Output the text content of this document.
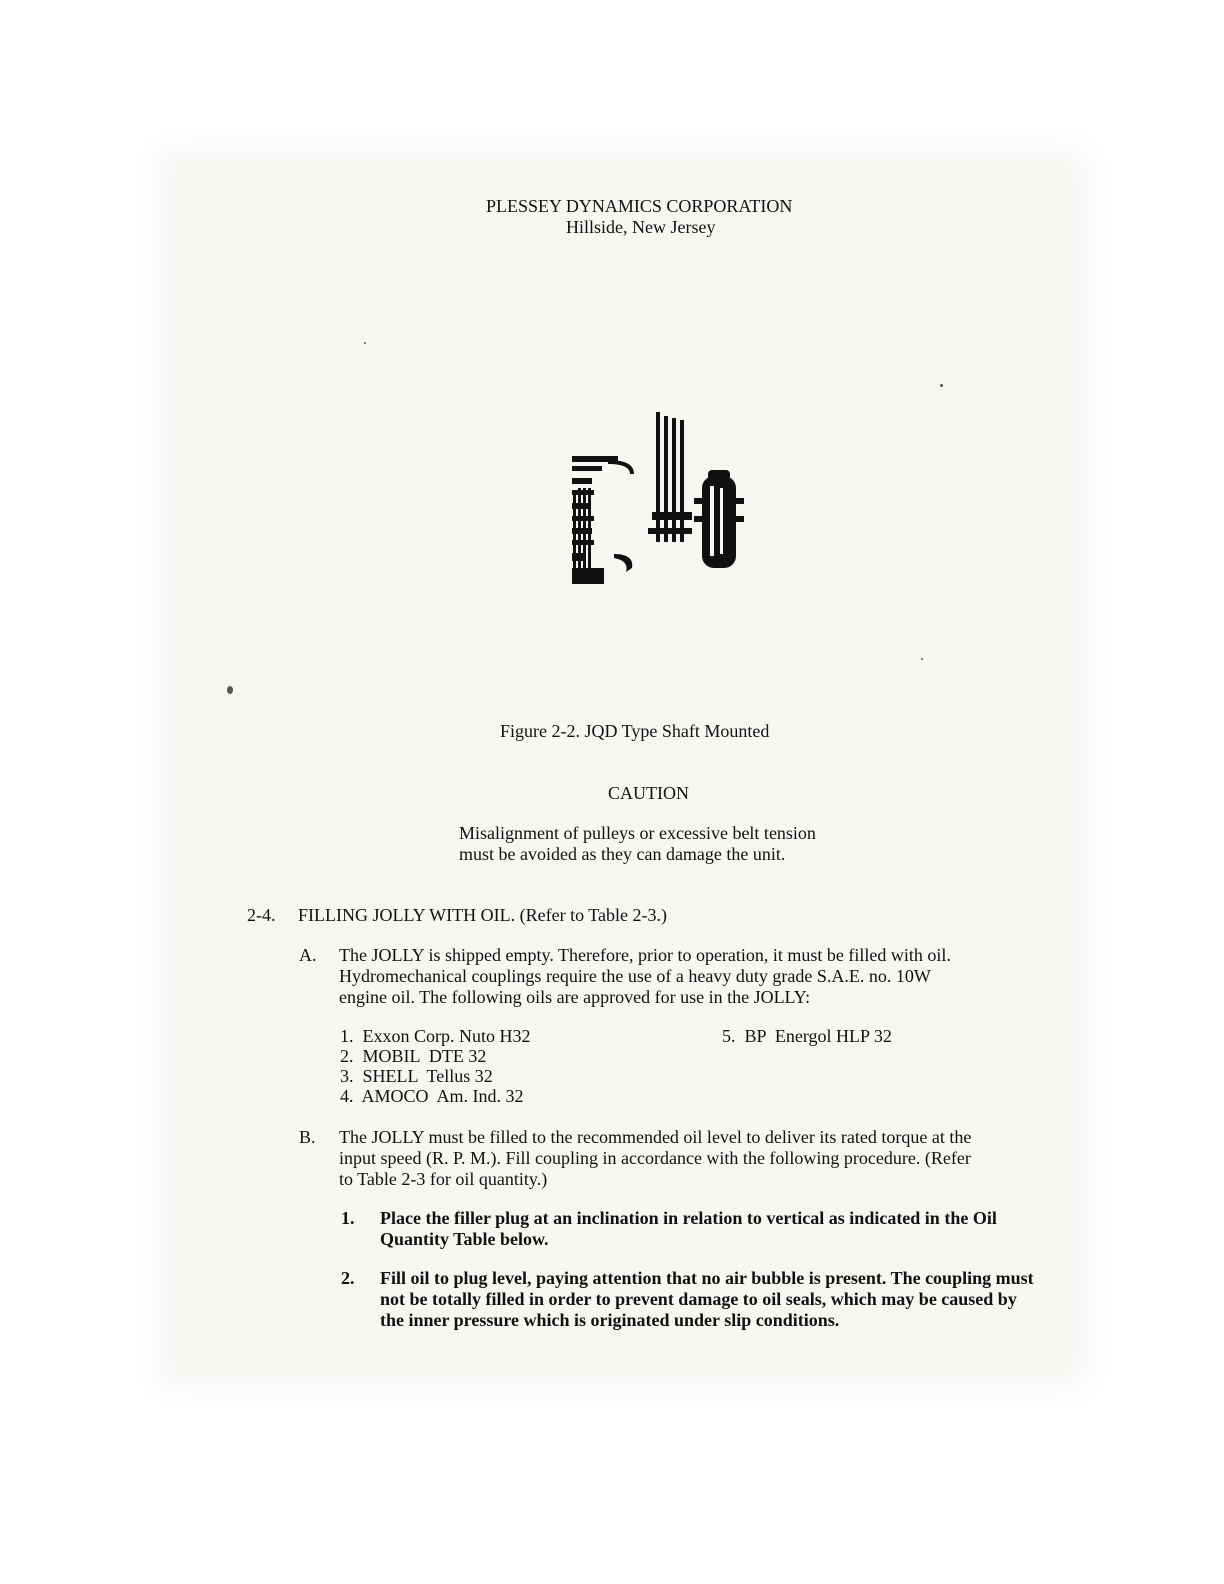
PLESSEY DYNAMICS CORPORATION
Hillside, New Jersey
Figure 2-2. JQD Type Shaft Mounted
CAUTION
Misalignment of pulleys or excessive belt tension
must be avoided as they can damage the unit.
2-4. FILLING JOLLY WITH OIL. (Refer to Table 2-3.)
A. The JOLLY is shipped empty. Therefore, prior to operation, it must be filled with oil.
Hydromechanical couplings require the use of a heavy duty grade S.A.E. no. 10W
engine oil. The following oils are approved for use in the JOLLY:
1.  Exxon Corp. Nuto H32
2.  MOBIL  DTE 32
3.  SHELL  Tellus 32
4.  AMOCO  Am. Ind. 32
5.  BP  Energol HLP 32
B. The JOLLY must be filled to the recommended oil level to deliver its rated torque at the
input speed (R. P. M.). Fill coupling in accordance with the following procedure. (Refer
to Table 2-3 for oil quantity.)
1. Place the filler plug at an inclination in relation to vertical as indicated in the Oil
Quantity Table below.
2. Fill oil to plug level, paying attention that no air bubble is present. The coupling must
not be totally filled in order to prevent damage to oil seals, which may be caused by
the inner pressure which is originated under slip conditions.
